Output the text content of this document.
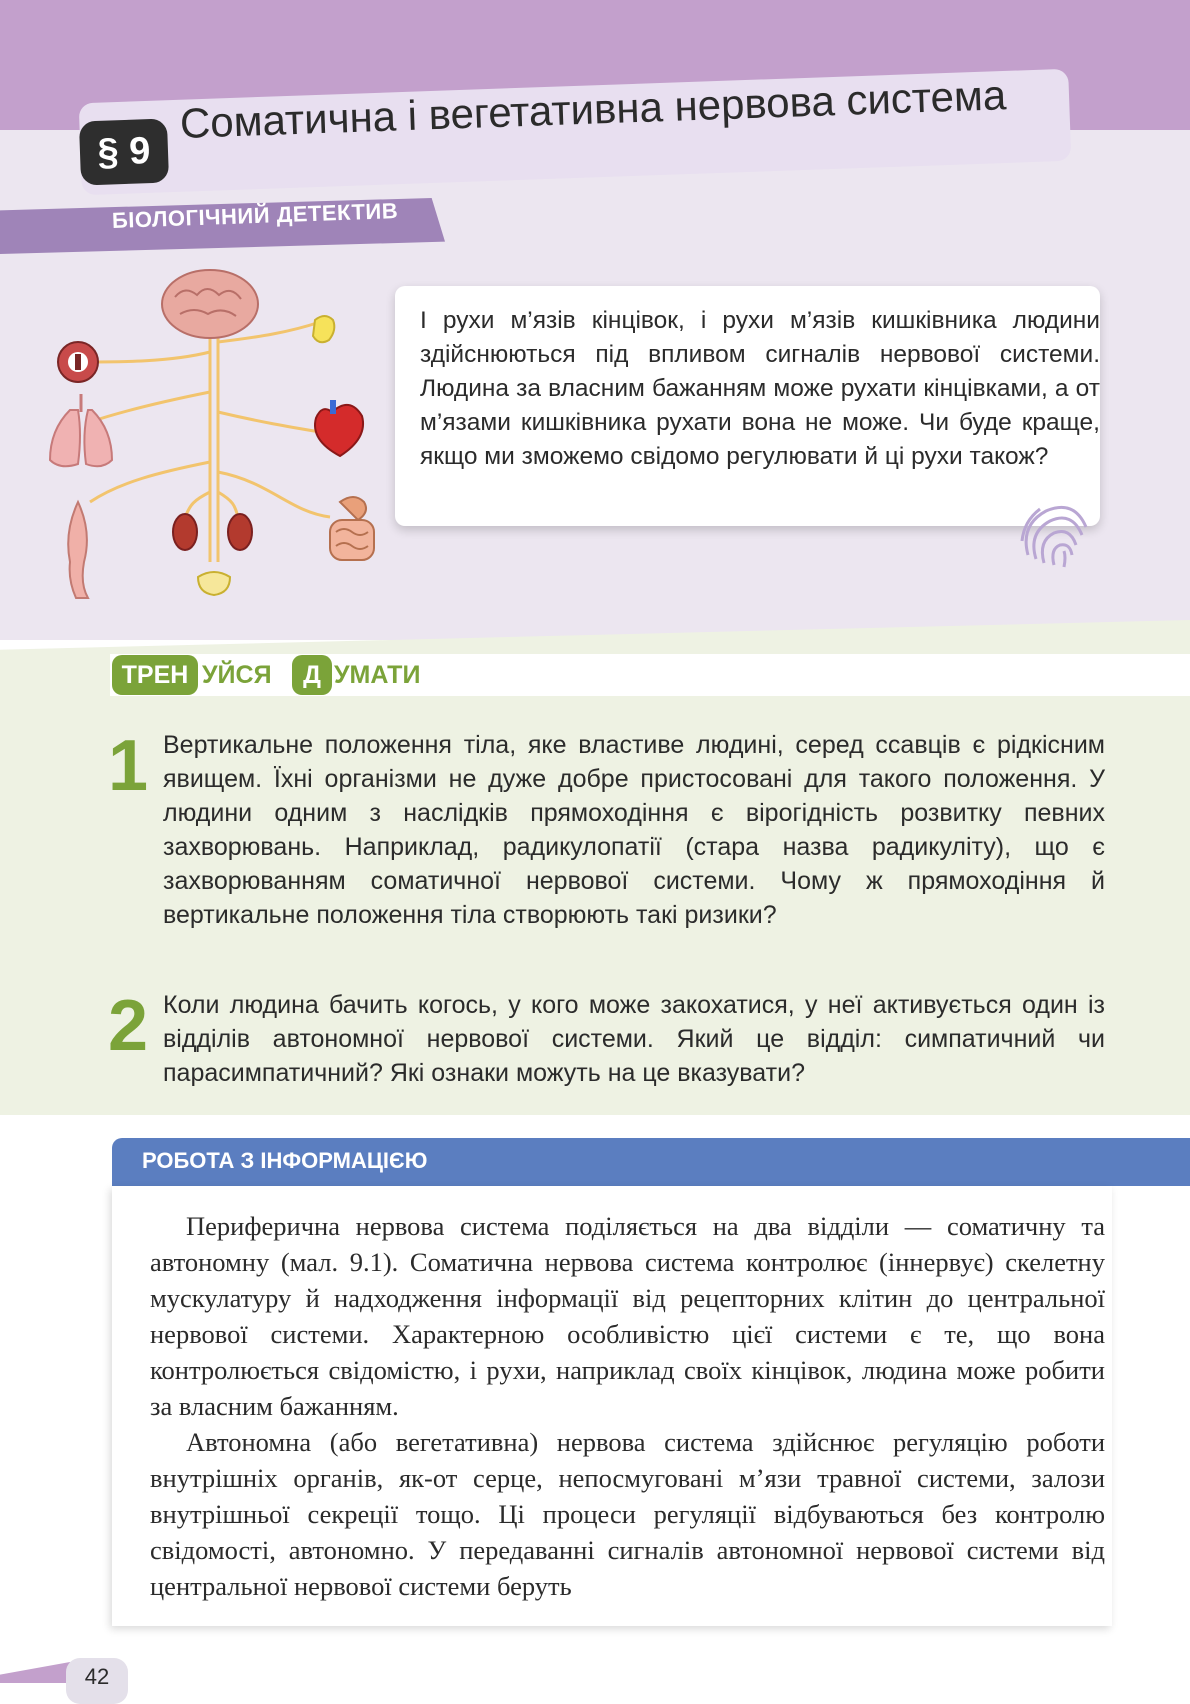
§ 9
Соматична і вегетативна нервова система
БІОЛОГІЧНИЙ ДЕТЕКТИВ
І рухи м’язів кінцівок, і рухи м’язів кишківника людини здійснюються під впливом сигналів нервової системи. Людина за власним бажанням може рухати кінцівками, а от м’язами кишківника рухати вона не може. Чи буде краще, якщо ми зможемо свідомо регулювати й ці рухи також?
ТРЕН УЙСЯ	Д УМАТИ
1 Вертикальне положення тіла, яке властиве людині, серед ссавців є рідкісним явищем. Їхні організми не дуже добре пристосовані для такого положення. У людини одним з наслідків прямоходіння є вірогідність розвитку певних захворювань. Наприклад, радикулопатії (стара назва радикуліту), що є захворюванням соматичної нервової системи. Чому ж прямоходіння й вертикальне положення тіла створюють такі ризики?
2 Коли людина бачить когось, у кого може закохатися, у неї активується один із відділів автономної нервової системи. Який це відділ: симпатичний чи парасимпатичний? Які ознаки можуть на це вказувати?
РОБОТА З ІНФОРМАЦІЄЮ

Периферична нервова система поділяється на два відділи — соматичну та автономну (мал. 9.1). Соматична нервова система контролює (іннервує) скелетну мускулатуру й надходження інформації від рецепторних клітин до центральної нервової системи. Характерною особливістю цієї системи є те, що вона контролюється свідомістю, і рухи, наприклад своїх кінцівок, людина може робити за власним бажанням.

Автономна (або вегетативна) нервова система здійснює регуляцію роботи внутрішніх органів, як-от серце, непосмуговані м’язи травної системи, залози внутрішньої секреції тощо. Ці процеси регуляції відбуваються без контролю свідомості, автономно. У передаванні сигналів автономної нервової системи від центральної нервової системи беруть

42
